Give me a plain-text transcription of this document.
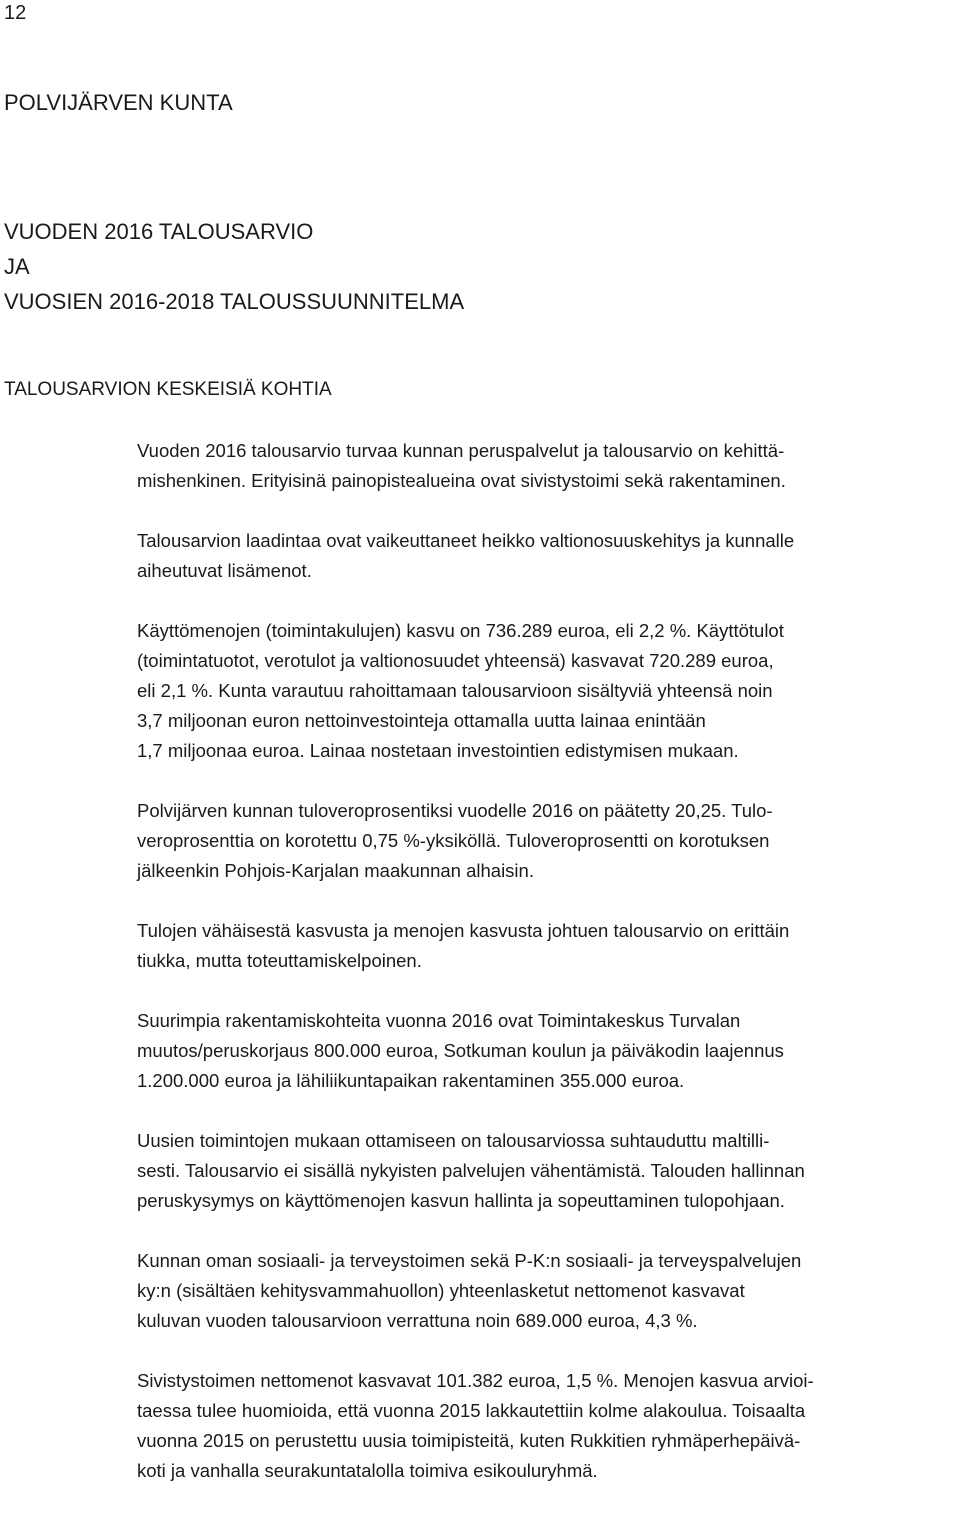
12
POLVIJÄRVEN KUNTA
VUODEN 2016 TALOUSARVIO
JA
VUOSIEN 2016-2018 TALOUSSUUNNITELMA
TALOUSARVION KESKEISIÄ KOHTIA

Vuoden 2016 talousarvio turvaa kunnan peruspalvelut ja talousarvio on kehittä-
mishenkinen. Erityisinä painopistealueina ovat sivistystoimi sekä rakentaminen.

Talousarvion laadintaa ovat vaikeuttaneet heikko valtionosuuskehitys ja kunnalle
aiheutuvat lisämenot.

Käyttömenojen (toimintakulujen) kasvu on 736.289 euroa, eli 2,2 %. Käyttötulot
(toimintatuotot, verotulot ja valtionosuudet yhteensä) kasvavat 720.289 euroa,
eli 2,1 %. Kunta varautuu rahoittamaan talousarvioon sisältyviä yhteensä noin
3,7 miljoonan euron nettoinvestointeja ottamalla uutta lainaa enintään
1,7 miljoonaa euroa. Lainaa nostetaan investointien edistymisen mukaan.

Polvijärven kunnan tuloveroprosentiksi vuodelle 2016 on päätetty 20,25. Tulo-
veroprosenttia on korotettu 0,75 %-yksiköllä. Tuloveroprosentti on korotuksen
jälkeenkin Pohjois-Karjalan maakunnan alhaisin.

Tulojen vähäisestä kasvusta ja menojen kasvusta johtuen talousarvio on erittäin
tiukka, mutta toteuttamiskelpoinen.

Suurimpia rakentamiskohteita vuonna 2016 ovat Toimintakeskus Turvalan
muutos/peruskorjaus 800.000 euroa, Sotkuman koulun ja päiväkodin laajennus
1.200.000 euroa ja lähiliikuntapaikan rakentaminen 355.000 euroa.

Uusien toimintojen mukaan ottamiseen on talousarviossa suhtauduttu maltilli-
sesti. Talousarvio ei sisällä nykyisten palvelujen vähentämistä. Talouden hallinnan
peruskysymys on käyttömenojen kasvun hallinta ja sopeuttaminen tulopohjaan.

Kunnan oman sosiaali- ja terveystoimen sekä P-K:n sosiaali- ja terveyspalvelujen
ky:n (sisältäen kehitysvammahuollon) yhteenlasketut nettomenot kasvavat
kuluvan vuoden talousarvioon verrattuna noin 689.000 euroa, 4,3 %.

Sivistystoimen nettomenot kasvavat 101.382 euroa, 1,5 %. Menojen kasvua arvioi-
taessa tulee huomioida, että vuonna 2015 lakkautettiin kolme alakoulua. Toisaalta
vuonna 2015 on perustettu uusia toimipisteitä, kuten Rukkitien ryhmäperhepäivä-
koti ja vanhalla seurakuntatalolla toimiva esikouluryhmä.
